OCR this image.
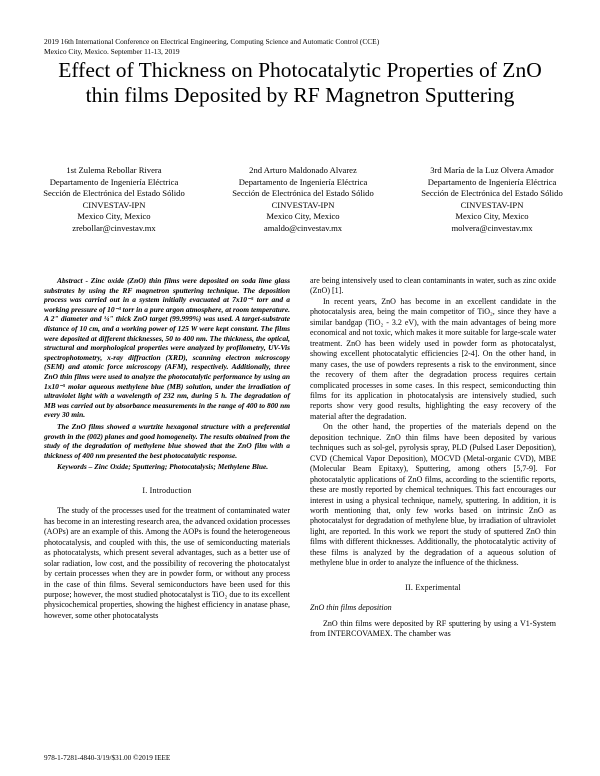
2019 16th International Conference on Electrical Engineering, Computing Science and Automatic Control (CCE)
Mexico City, Mexico. September 11-13, 2019
Effect of Thickness on Photocatalytic Properties of ZnO thin films Deposited by RF Magnetron Sputtering
1st Zulema Rebollar Rivera
Departamento de Ingeniería Eléctrica
Sección de Electrónica del Estado Sólido
CINVESTAV-IPN
Mexico City, Mexico
zrebollar@cinvestav.mx
2nd Arturo Maldonado Alvarez
Departamento de Ingeniería Eléctrica
Sección de Electrónica del Estado Sólido
CINVESTAV-IPN
Mexico City, Mexico
amaldo@cinvestav.mx
3rd María de la Luz Olvera Amador
Departamento de Ingeniería Eléctrica
Sección de Electrónica del Estado Sólido
CINVESTAV-IPN
Mexico City, Mexico
molvera@cinvestav.mx

Abstract - Zinc oxide (ZnO) thin films were deposited on soda lime glass substrates by using the RF magnetron sputtering technique. The deposition process was carried out in a system initially evacuated at 7x10⁻⁵ torr and a working pressure of 10⁻³ torr in a pure argon atmosphere, at room temperature. A 2" diameter and ¼" thick ZnO target (99.999%) was used. A target-substrate distance of 10 cm, and a working power of 125 W were kept constant. The films were deposited at different thicknesses, 50 to 400 nm. The thickness, the optical, structural and morphological properties were analyzed by profilometry, UV-Vis spectrophotometry, x-ray diffraction (XRD), scanning electron microscopy (SEM) and atomic force microscopy (AFM), respectively. Additionally, three ZnO thin films were used to analyze the photocatalytic performance by using an 1x10⁻⁵ molar aqueous methylene blue (MB) solution, under the irradiation of ultraviolet light with a wavelength of 232 nm, during 5 h. The degradation of MB was carried out by absorbance measurements in the range of 400 to 800 nm every 30 min.

The ZnO films showed a wurtzite hexagonal structure with a preferential growth in the (002) planes and good homogeneity. The results obtained from the study of the degradation of methylene blue showed that the ZnO film with a thickness of 400 nm presented the best photocatalytic response.

Keywords – Zinc Oxide; Sputtering; Photocatalysis; Methylene Blue.

I. Introduction

The study of the processes used for the treatment of contaminated water has become in an interesting research area, the advanced oxidation processes (AOPs) are an example of this. Among the AOPs is found the heterogeneous photocatalysis, and coupled with this, the use of semiconducting materials as photocatalysts, which present several advantages, such as a better use of solar radiation, low cost, and the possibility of recovering the photocatalyst by certain processes when they are in powder form, or without any process in the case of thin films. Several semiconductors have been used for this purpose; however, the most studied photocatalyst is TiO₂ due to its excellent physicochemical properties, showing the highest efficiency in anatase phase, however, some other photocatalysts

are being intensively used to clean contaminants in water, such as zinc oxide (ZnO) [1].

In recent years, ZnO has become in an excellent candidate in the photocatalysis area, being the main competitor of TiO₂, since they have a similar bandgap (TiO₂ - 3.2 eV), with the main advantages of being more economical and not toxic, which makes it more suitable for large-scale water treatment. ZnO has been widely used in powder form as photocatalyst, showing excellent photocatalytic efficiencies [2-4]. On the other hand, in many cases, the use of powders represents a risk to the environment, since the recovery of them after the degradation process requires certain complicated processes in some cases. In this respect, semiconducting thin films for its application in photocatalysis are intensively studied, such reports show very good results, highlighting the easy recovery of the material after the degradation.

On the other hand, the properties of the materials depend on the deposition technique. ZnO thin films have been deposited by various techniques such as sol-gel, pyrolysis spray, PLD (Pulsed Laser Deposition), CVD (Chemical Vapor Deposition), MOCVD (Metal-organic CVD), MBE (Molecular Beam Epitaxy), Sputtering, among others [5,7-9]. For photocatalytic applications of ZnO films, according to the scientific reports, these are mostly reported by chemical techniques. This fact encourages our interest in using a physical technique, namely, sputtering. In addition, it is worth mentioning that, only few works based on intrinsic ZnO as photocatalyst for degradation of methylene blue, by irradiation of ultraviolet light, are reported. In this work we report the study of sputtered ZnO thin films with different thicknesses. Additionally, the photocatalytic activity of these films is analyzed by the degradation of a aqueous solution of methylene blue in order to analyze the influence of the thickness.

II. Experimental
ZnO thin films deposition

ZnO thin films were deposited by RF sputtering by using a V1-System from INTERCOVAMEX. The chamber was

978-1-7281-4840-3/19/$31.00 ©2019 IEEE
